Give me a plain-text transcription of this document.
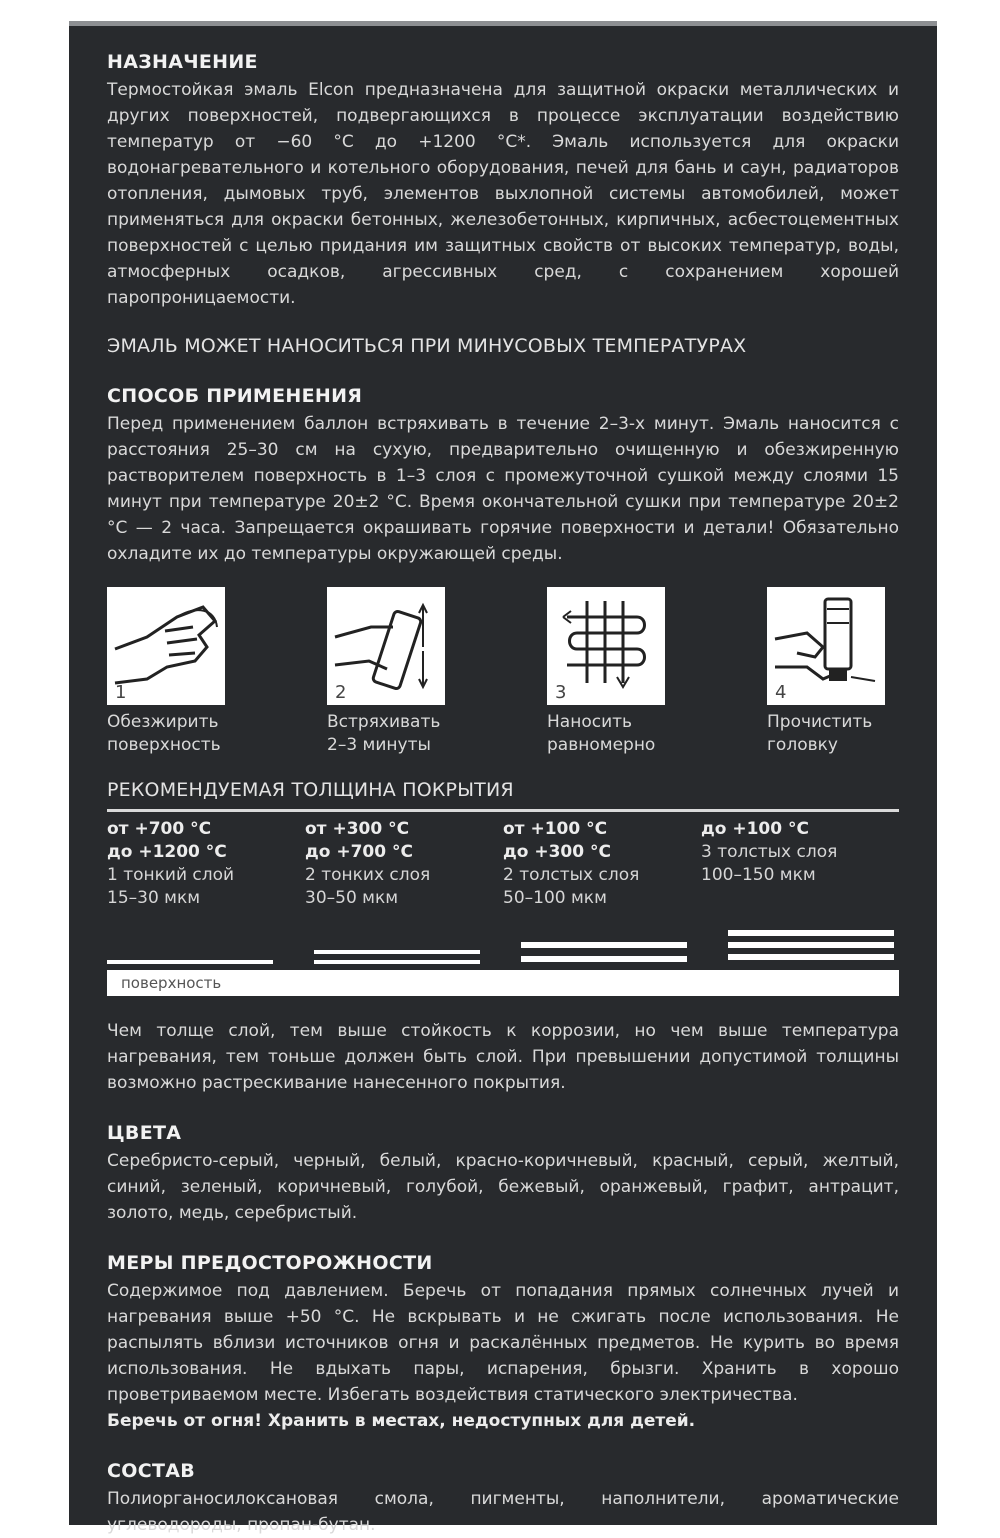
НАЗНАЧЕНИЕ
Термостойкая эмаль Elcon предназначена для защитной окраски металлических и других поверхностей, подвергающихся в процессе эксплуатации воздействию температур от −60 °С до +1200 °С*. Эмаль используется для окраски водонагревательного и котельного оборудования, печей для бань и саун, радиаторов отопления, дымовых труб, элементов выхлопной системы автомобилей, может применяться для окраски бетонных, железобетонных, кирпичных, асбестоцементных поверхностей с целью придания им защитных свойств от высоких температур, воды, атмосферных осадков, агрессивных сред, с сохранением хорошей паропроницаемости.
ЭМАЛЬ МОЖЕТ НАНОСИТЬСЯ ПРИ МИНУСОВЫХ ТЕМПЕРАТУРАХ
СПОСОБ ПРИМЕНЕНИЯ
Перед применением баллон встряхивать в течение 2–3-х минут. Эмаль наносится с расстояния 25–30 см на сухую, предварительно очищенную и обезжиренную растворителем поверхность в 1–3 слоя с промежуточной сушкой между слоями 15 минут при температуре 20±2 °С. Время окончательной сушки при температуре 20±2 °С — 2 часа. Запрещается окрашивать горячие поверхности и детали! Обязательно охладите их до температуры окружающей среды.
1
Обезжирить
поверхность
2
Встряхивать
2–3 минуты
3
Наносить
равномерно
4
Прочистить
головку
РЕКОМЕНДУЕМАЯ ТОЛЩИНА ПОКРЫТИЯ
от +700 °С
до +1200 °С
1 тонкий слой
15–30 мкм
от +300 °С
до +700 °С
2 тонких слоя
30–50 мкм
от +100 °С
до +300 °С
2 толстых слоя
50–100 мкм
до +100 °С
3 толстых слоя
100–150 мкм
поверхность
Чем толще слой, тем выше стойкость к коррозии, но чем выше температура нагревания, тем тоньше должен быть слой. При превышении допустимой толщины возможно растрескивание нанесенного покрытия.
ЦВЕТА
Серебристо-серый, черный, белый, красно-коричневый, красный, серый, желтый, синий, зеленый, коричневый, голубой, бежевый, оранжевый, графит, антрацит, золото, медь, серебристый.
МЕРЫ ПРЕДОСТОРОЖНОСТИ
Содержимое под давлением. Беречь от попадания прямых солнечных лучей и нагревания выше +50 °С. Не вскрывать и не сжигать после использования. Не распылять вблизи источников огня и раскалённых предметов. Не курить во время использования. Не вдыхать пары, испарения, брызги. Хранить в хорошо проветриваемом месте. Избегать воздействия статического электричества.
Беречь от огня! Хранить в местах, недоступных для детей.
СОСТАВ
Полиорганосилоксановая смола, пигменты, наполнители, ароматические углеводороды, пропан-бутан.
